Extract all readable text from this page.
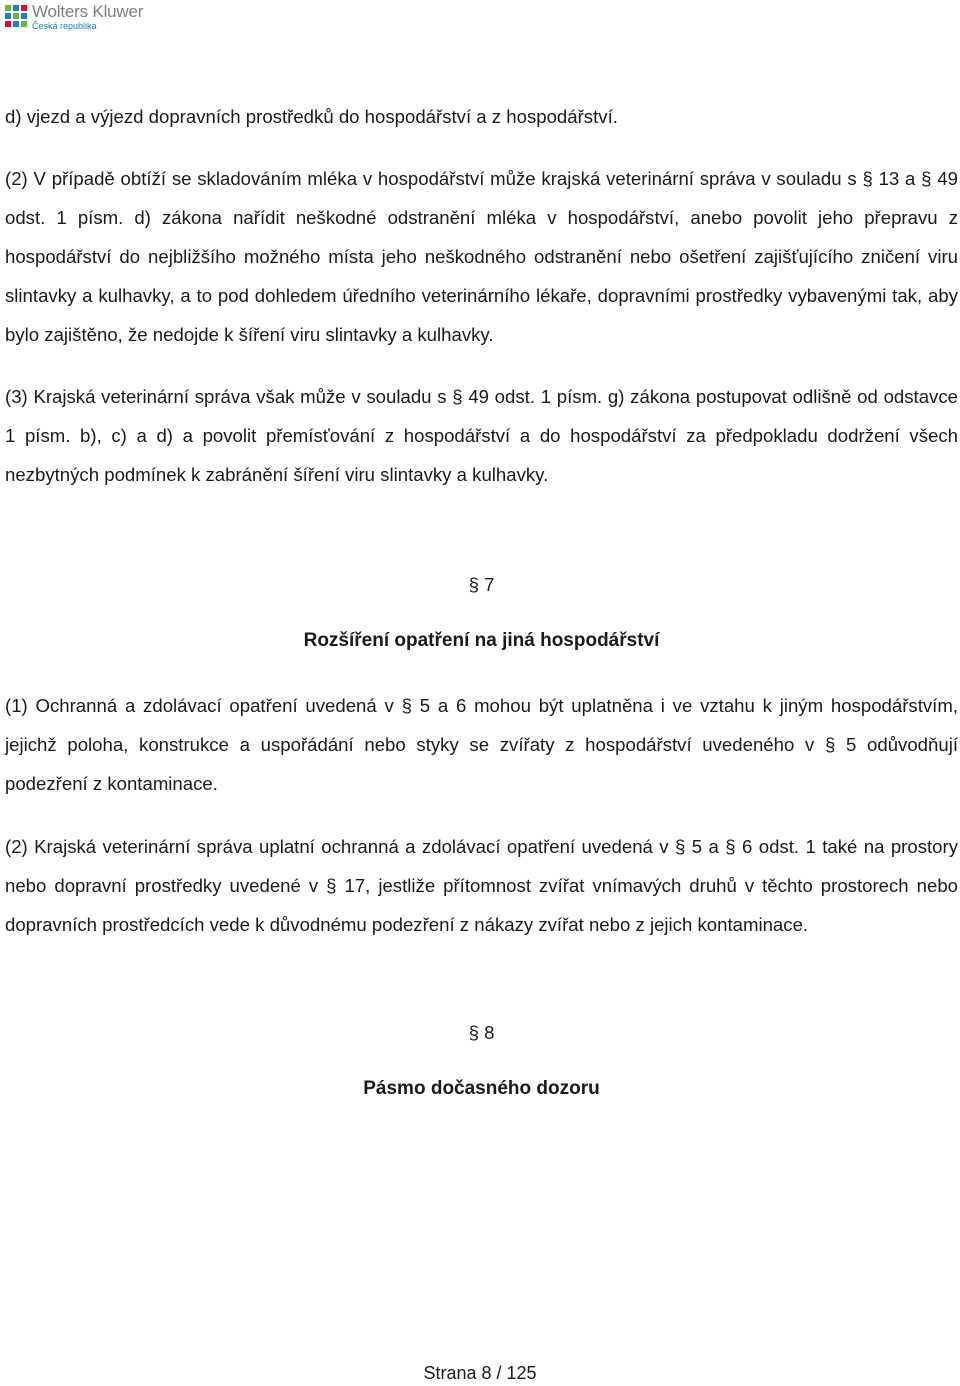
Wolters Kluwer
Česká republika

d) vjezd a výjezd dopravních prostředků do hospodářství a z hospodářství.

(2) V případě obtíží se skladováním mléka v hospodářství může krajská veterinární správa v souladu s § 13 a § 49 odst. 1 písm. d) zákona nařídit neškodné odstranění mléka v hospodářství, anebo povolit jeho přepravu z hospodářství do nejbližšího možného místa jeho neškodného odstranění nebo ošetření zajišťujícího zničení viru slintavky a kulhavky, a to pod dohledem úředního veterinárního lékaře, dopravními prostředky vybavenými tak, aby bylo zajištěno, že nedojde k šíření viru slintavky a kulhavky.

(3) Krajská veterinární správa však může v souladu s § 49 odst. 1 písm. g) zákona postupovat odlišně od odstavce 1 písm. b), c) a d) a povolit přemísťování z hospodářství a do hospodářství za předpokladu dodržení všech nezbytných podmínek k zabránění šíření viru slintavky a kulhavky.

§ 7
Rozšíření opatření na jiná hospodářství

(1) Ochranná a zdolávací opatření uvedená v § 5 a 6 mohou být uplatněna i ve vztahu k jiným hospodářstvím, jejichž poloha, konstrukce a uspořádání nebo styky se zvířaty z hospodářství uvedeného v § 5 odůvodňují podezření z kontaminace.

(2) Krajská veterinární správa uplatní ochranná a zdolávací opatření uvedená v § 5 a § 6 odst. 1 také na prostory nebo dopravní prostředky uvedené v § 17, jestliže přítomnost zvířat vnímavých druhů v těchto prostorech nebo dopravních prostředcích vede k důvodnému podezření z nákazy zvířat nebo z jejich kontaminace.

§ 8
Pásmo dočasného dozoru
Strana 8 / 125
